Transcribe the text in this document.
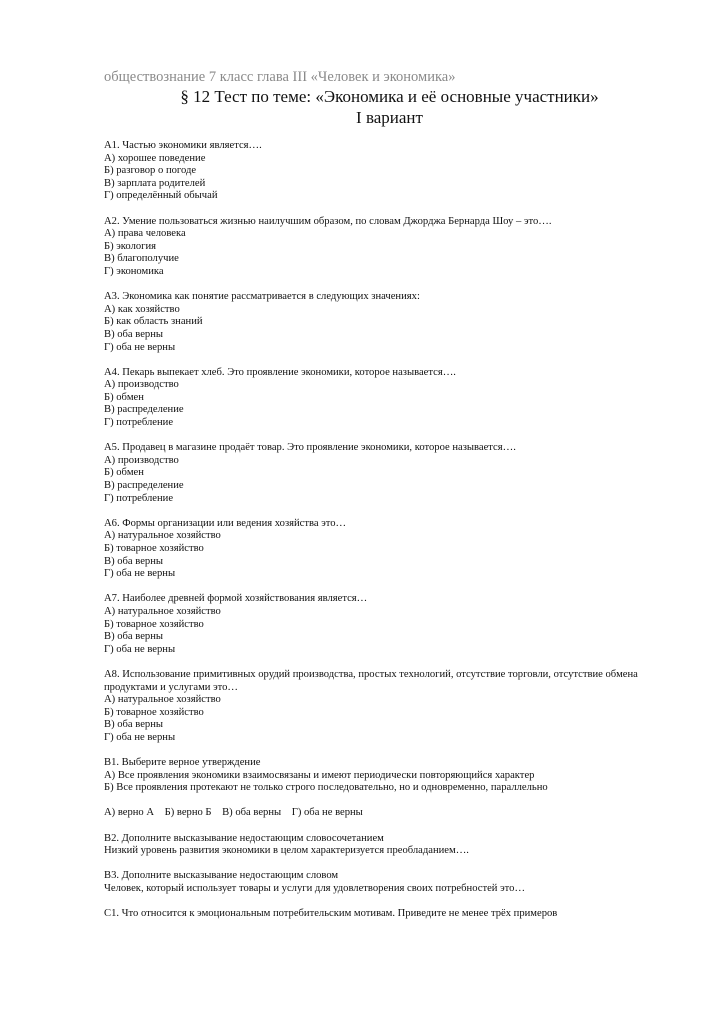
обществознание 7 класс глава III «Человек и экономика»
§ 12 Тест по теме: «Экономика и её основные участники»
I вариант
А1. Частью экономики является….
А) хорошее поведение
Б) разговор о погоде
В) зарплата родителей
Г) определённый обычай
А2. Умение пользоваться жизнью наилучшим образом, по словам Джорджа Бернарда Шоу – это….
А) права человека
Б) экология
В) благополучие
Г) экономика
А3. Экономика как понятие рассматривается в следующих значениях:
А) как хозяйство
Б) как область знаний
В) оба верны
Г) оба не верны
А4. Пекарь выпекает хлеб. Это проявление экономики, которое называется….
А) производство
Б) обмен
В) распределение
Г) потребление
А5. Продавец в магазине продаёт товар. Это проявление экономики, которое называется….
А) производство
Б) обмен
В) распределение
Г) потребление
А6. Формы организации или ведения хозяйства это…
А) натуральное хозяйство
Б) товарное хозяйство
В) оба верны
Г) оба не верны
А7. Наиболее древней формой хозяйствования является…
А) натуральное хозяйство
Б) товарное хозяйство
В) оба верны
Г) оба не верны
А8. Использование примитивных орудий производства, простых технологий, отсутствие торговли, отсутствие обмена продуктами и услугами это…
А) натуральное хозяйство
Б) товарное хозяйство
В) оба верны
Г) оба не верны
В1. Выберите верное утверждение
А) Все проявления экономики взаимосвязаны и имеют периодически повторяющийся характер
Б) Все проявления протекают не только строго последовательно, но и одновременно, параллельно
А) верно А    Б) верно Б    В) оба верны    Г) оба не верны
В2. Дополните высказывание недостающим словосочетанием
Низкий уровень развития экономики в целом характеризуется преобладанием….
В3. Дополните высказывание недостающим словом
Человек, который использует товары и услуги для удовлетворения своих потребностей это…
С1. Что относится к эмоциональным потребительским мотивам. Приведите не менее трёх примеров
